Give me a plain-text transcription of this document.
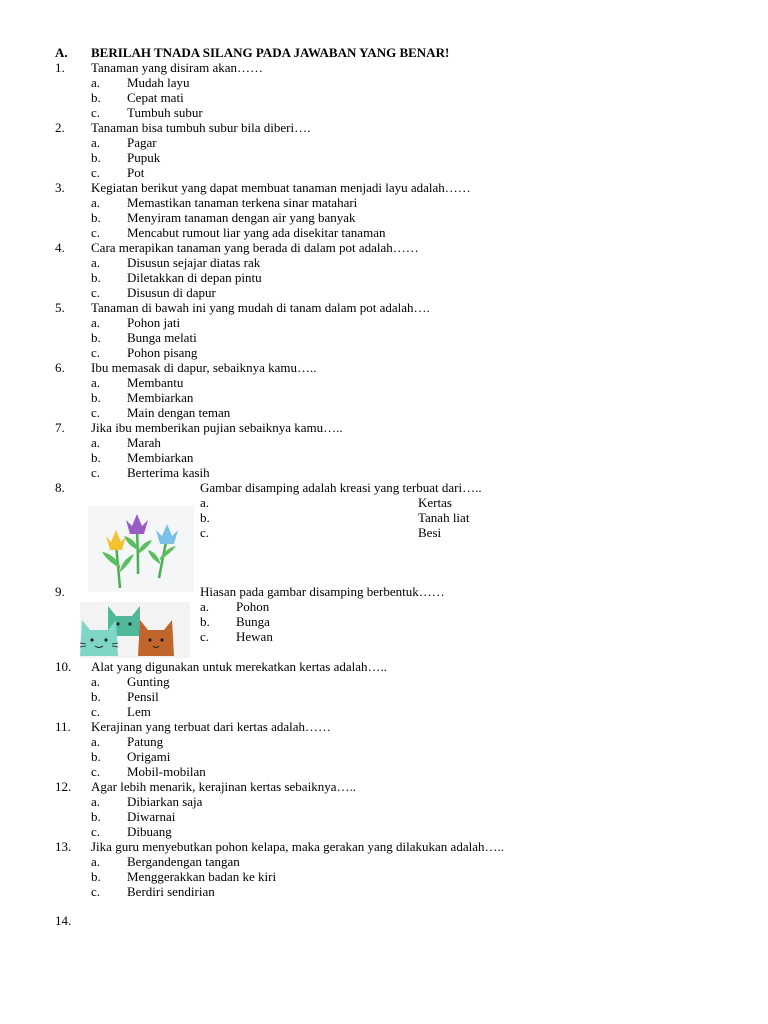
A. BERILAH TNADA SILANG PADA JAWABAN YANG BENAR!
1. Tanaman yang disiram akan……
a. Mudah layu
b. Cepat mati
c. Tumbuh subur
2. Tanaman bisa tumbuh subur bila diberi….
a. Pagar
b. Pupuk
c. Pot
3. Kegiatan berikut yang dapat membuat tanaman menjadi layu adalah……
a. Memastikan tanaman terkena sinar matahari
b. Menyiram tanaman dengan air yang banyak
c. Mencabut rumout liar yang ada disekitar tanaman
4. Cara merapikan tanaman yang berada di dalam pot adalah……
a. Disusun sejajar diatas rak
b. Diletakkan di depan pintu
c. Disusun di dapur
5. Tanaman di bawah ini yang mudah di tanam dalam pot adalah….
a. Pohon jati
b. Bunga melati
c. Pohon pisang
6. Ibu memasak di dapur, sebaiknya kamu…..
a. Membantu
b. Membiarkan
c. Main dengan teman
7. Jika ibu memberikan pujian sebaiknya kamu…..
a. Marah
b. Membiarkan
c. Berterima kasih
8.	Gambar disamping adalah kreasi yang terbuat dari…..
a.	Kertas
b.	Tanah liat
c.	Besi
9.	Hiasan pada gambar disamping berbentuk……
a. Pohon
b. Bunga
c. Hewan
10. Alat yang digunakan untuk merekatkan kertas adalah…..
a. Gunting
b. Pensil
c. Lem
11. Kerajinan yang terbuat dari kertas adalah……
a. Patung
b. Origami
c. Mobil-mobilan
12. Agar lebih menarik, kerajinan kertas sebaiknya…..
a. Dibiarkan saja
b. Diwarnai
c. Dibuang
13. Jika guru menyebutkan pohon kelapa, maka gerakan yang dilakukan adalah…..
a. Bergandengan tangan
b. Menggerakkan badan ke kiri
c. Berdiri sendirian
14.
